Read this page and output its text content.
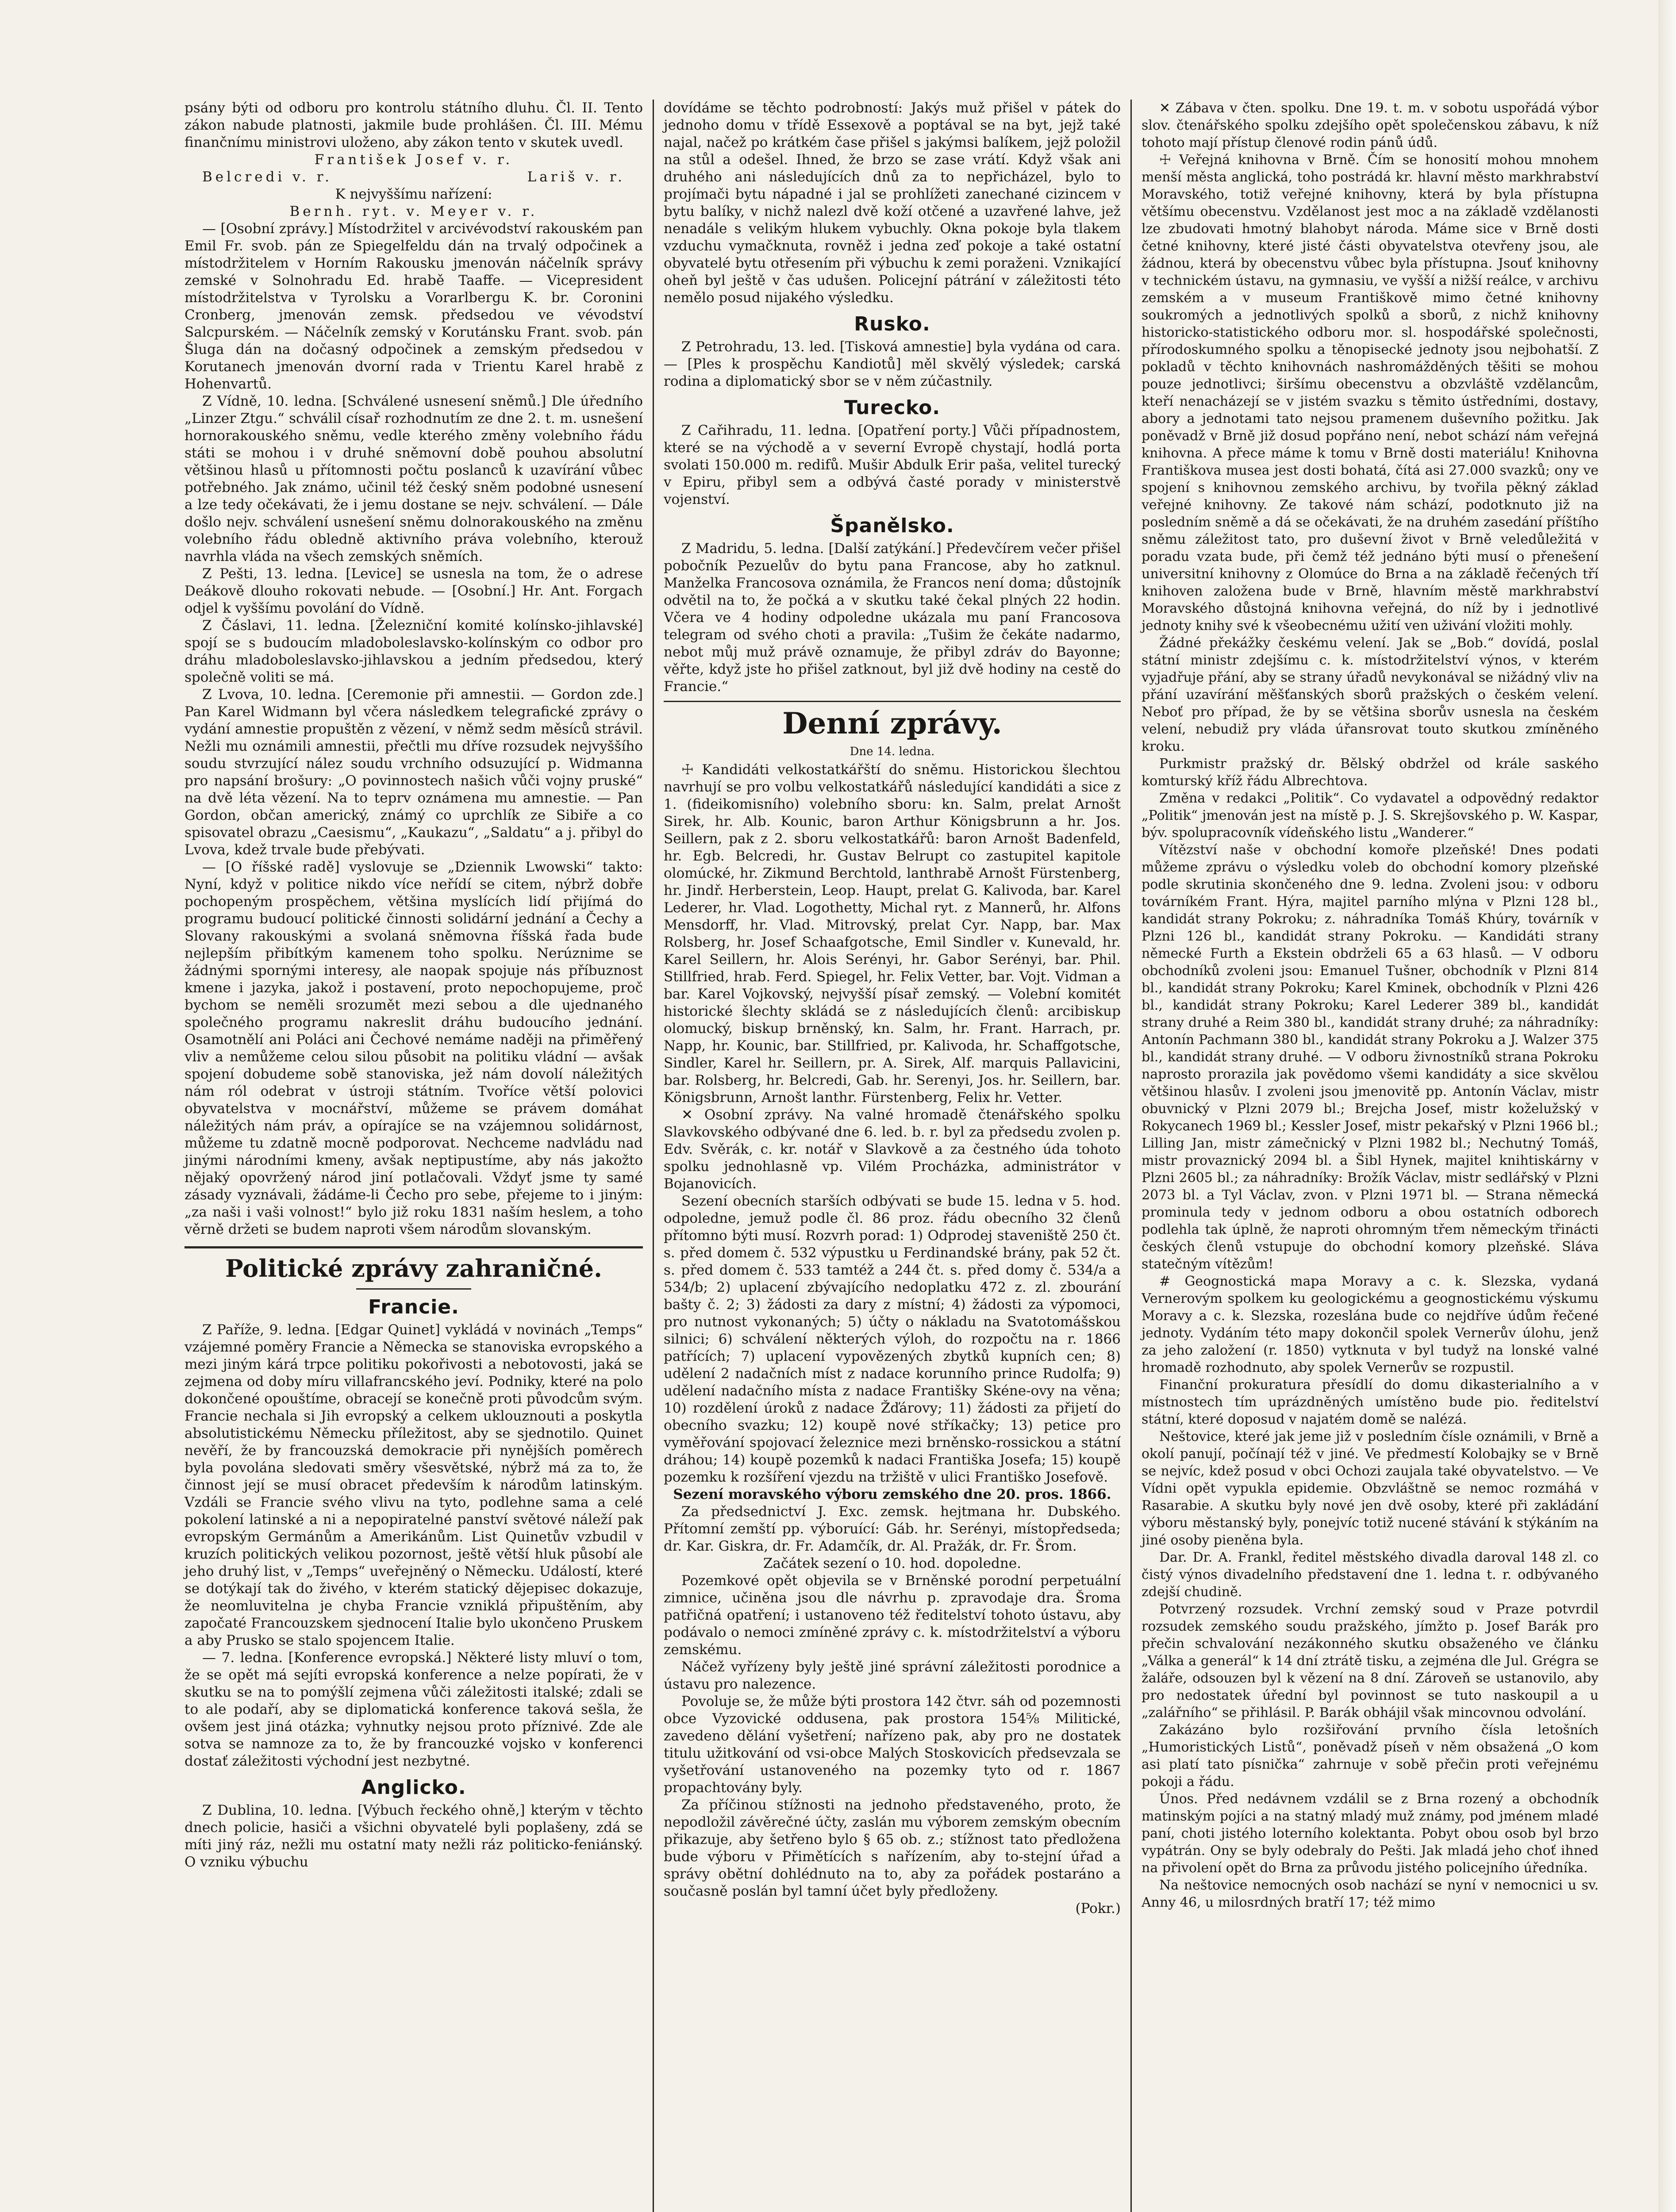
psány býti od odboru pro kontrolu státního dluhu. Čl. II. Tento zákon nabude platnosti, jakmile bude prohlášen. Čl. III. Mému finančnímu ministrovi uloženo, aby zákon tento v skutek uvedl.

František Josef v. r.

Belcredi v. r.	Lariš v. r.

K nejvyššímu nařízení:

Bernh. ryt. v. Meyer v. r.

— [Osobní zprávy.] Místodržitel v arcivévodství rakouském pan Emil Fr. svob. pán ze Spiegelfeldu dán na trvalý odpočinek a místodržitelem v Horním Rakousku jmenován náčelník správy zemské v Solnohradu Ed. hrabě Taaffe. — Vicepresident místodržitelstva v Tyrolsku a Vorarlbergu K. br. Coronini Cronberg, jmenován zemsk. předsedou ve vévodství Salcpurském. — Náčelník zemský v Korutánsku Frant. svob. pán Šluga dán na dočasný odpočinek a zemským předsedou v Korutanech jmenován dvorní rada v Trientu Karel hrabě z Hohenvartů.

Z Vídně, 10. ledna. [Schválené usnesení sněmů.] Dle úředního „Linzer Ztgu.“ schválil císař rozhodnutím ze dne 2. t. m. usnešení hornorakouského sněmu, vedle kterého změny volebního řádu státi se mohou i v druhé sněmovní době pouhou absolutní většinou hlasů u přítomnosti počtu poslanců k uzavírání vůbec potřebného. Jak známo, učinil též český sněm podobné usnesení a lze tedy očekávati, že i jemu dostane se nejv. schválení. — Dále došlo nejv. schválení usnešení sněmu dolnorakouského na změnu volebního řádu obledně aktivního práva volebního, kterouž navrhla vláda na všech zemských sněmích.

Z Pešti, 13. ledna. [Levice] se usnesla na tom, že o adrese Deákově dlouho rokovati nebude. — [Osobní.] Hr. Ant. Forgach odjel k vyššímu povolání do Vídně.

Z Čáslavi, 11. ledna. [Železniční komité kolínsko-jihlavské] spojí se s budoucím mladoboleslavsko-kolínským co odbor pro dráhu mladoboleslavsko-jihlavskou a jedním předsedou, který společně voliti se má.

Z Lvova, 10. ledna. [Ceremonie při amnestii. — Gordon zde.] Pan Karel Widmann byl včera následkem telegrafické zprávy o vydání amnestie propuštěn z vězení, v němž sedm měsíců strávil. Nežli mu oznámili amnestii, přečtli mu dříve rozsudek nejvyššího soudu stvrzující nález soudu vrchního odsuzující p. Widmanna pro napsání brošury: „O povinnostech našich vůči vojny pruské“ na dvě léta vězení. Na to teprv oznámena mu amnestie. — Pan Gordon, občan americký, známý co uprchlík ze Sibiře a co spisovatel obrazu „Caesismu“, „Kaukazu“, „Saldatu“ a j. přibyl do Lvova, kdež trvale bude přebývati.

— [O říšské radě] vyslovuje se „Dziennik Lwowski“ takto: Nyní, když v politice nikdo více neřídí se citem, nýbrž dobře pochopeným prospěchem, většina myslících lidí přijímá do programu budoucí politické činnosti solidární jednání a Čechy a Slovany rakouskými a svolaná sněmovna říšská řada bude nejlepším přibítkým kamenem toho spolku. Nerúznime se žádnými spornými interesy, ale naopak spojuje nás příbuznost kmene i jazyka, jakož i postavení, proto nepochopujeme, proč bychom se neměli srozumět mezi sebou a dle ujednaného společného programu nakreslit dráhu budoucího jednání. Osamotnělí ani Poláci ani Čechové nemáme naději na přiměřený vliv a nemůžeme celou silou působit na politiku vládní — avšak spojení dobudeme sobě stanoviska, jež nám dovolí náležitých nám ról odebrat v ústroji státním. Tvoříce větší polovici obyvatelstva v mocnářství, můžeme se právem domáhat náležitých nám práv, a opírajíce se na vzájemnou solidárnost, můžeme tu zdatně mocně podporovat. Nechceme nadvládu nad jinými národními kmeny, avšak neptipustíme, aby nás jakožto nějaký opovržený národ jiní potlačovali. Vždyť jsme ty samé zásady vyznávali, žádáme-li Čecho pro sebe, přejeme to i jiným: „za naši i vaši volnost!“ bylo již roku 1831 naším heslem, a toho věrně držeti se budem naproti všem národům slovanským.

Politické zprávy zahraničné.
Francie.

Z Paříže, 9. ledna. [Edgar Quinet] vykládá v novinách „Temps“ vzájemné poměry Francie a Německa se stanoviska evropského a mezi jiným kárá trpce politiku pokořivosti a nebotovosti, jaká se zejmena od doby míru villafrancského jeví. Podniky, které na polo dokončené opouštíme, obracejí se konečně proti původcům svým. Francie nechala si Jih evropský a celkem uklouznouti a poskytla absolutistickému Německu příležitost, aby se sjednotilo. Quinet nevěří, že by francouzská demokracie při nynějších poměrech byla povolána sledovati směry všesvětské, nýbrž má za to, že činnost její se musí obracet především k národům latinským. Vzdáli se Francie svého vlivu na tyto, podlehne sama a celé pokolení latinské a ni a nepopiratelné panství světové náleží pak evropským Germánům a Amerikánům. List Quinetův vzbudil v kruzích politických velikou pozornost, ještě větší hluk působí ale jeho druhý list, v „Temps“ uveřejněný o Německu. Událostí, které se dotýkají tak do živého, v kterém statický dějepisec dokazuje, že neomluvitelna je chyba Francie vzniklá připuštěním, aby započaté Francouzskem sjednocení Italie bylo ukončeno Pruskem a aby Prusko se stalo spojencem Italie.

— 7. ledna. [Konference evropská.] Některé listy mluví o tom, že se opět má sejíti evropská konference a nelze popírati, že v skutku se na to pomýšlí zejmena vůči záležitosti italské; zdali se to ale podaří, aby se diplomatická konference taková sešla, že ovšem jest jiná otázka; vyhnutky nejsou proto příznivé. Zde ale sotva se namnoze za to, že by francouzké vojsko v konferenci dostať záležitosti východní jest nezbytné.

Anglicko.

Z Dublina, 10. ledna. [Výbuch řeckého ohně,] kterým v těchto dnech policie, hasiči a všichni obyvatelé byli poplašeny, zdá se míti jiný ráz, nežli mu ostatní maty nežli ráz politicko-feniánský. O vzniku výbuchu

dovídáme se těchto podrobností: Jakýs muž přišel v pátek do jednoho domu v třídě Essexově a poptával se na byt, jejž také najal, načež po krátkém čase přišel s jakýmsi balíkem, jejž položil na stůl a odešel. Ihned, že brzo se zase vrátí. Když však ani druhého ani následujících dnů za to nepřicházel, bylo to projímači bytu nápadné i jal se prohlížeti zanechané cizincem v bytu balíky, v nichž nalezl dvě koží otčené a uzavřené lahve, jež nenadále s velikým hlukem vybuchly. Okna pokoje byla tlakem vzduchu vymačknuta, rovněž i jedna zeď pokoje a také ostatní obyvatelé bytu otřesením při výbuchu k zemi poraženi. Vznikající oheň byl ještě v čas udušen. Policejní pátrání v záležitosti této nemělo posud nijakého výsledku.

Rusko.

Z Petrohradu, 13. led. [Tisková amnestie] byla vydána od cara. — [Ples k prospěchu Kandiotů] měl skvělý výsledek; carská rodina a diplomatický sbor se v něm zúčastnily.

Turecko.

Z Cařihradu, 11. ledna. [Opatření porty.] Vůči případnostem, které se na východě a v severní Evropě chystají, hodlá porta svolati 150.000 m. redifů. Mušir Abdulk Erir paša, velitel turecký v Epiru, přibyl sem a odbývá časté porady v ministerstvě vojenství.

Španělsko.

Z Madridu, 5. ledna. [Další zatýkání.] Předevčírem večer přišel pobočník Pezuelův do bytu pana Francose, aby ho zatknul. Manželka Francosova oznámila, že Francos není doma; důstojník odvětil na to, že počká a v skutku také čekal plných 22 hodin. Včera ve 4 hodiny odpoledne ukázala mu paní Francosova telegram od svého choti a pravila: „Tušim že čekáte nadarmo, nebot můj muž právě oznamuje, že přibyl zdráv do Bayonne; věřte, když jste ho přišel zatknout, byl již dvě hodiny na cestě do Francie.“

Denní zprávy.
Dne 14. ledna.

☩ Kandidáti velkostatkářští do sněmu. Historickou šlechtou navrhují se pro volbu velkostatkářů následující kandidáti a sice z 1. (fideikomisního) volebního sboru: kn. Salm, prelat Arnošt Sirek, hr. Alb. Kounic, baron Arthur Königsbrunn a hr. Jos. Seillern, pak z 2. sboru velkostatkářů: baron Arnošt Badenfeld, hr. Egb. Belcredi, hr. Gustav Belrupt co zastupitel kapitole olomúcké, hr. Zikmund Berchtold, lanthrabě Arnošt Fürstenberg, hr. Jindř. Herberstein, Leop. Haupt, prelat G. Kalivoda, bar. Karel Lederer, hr. Vlad. Logothetty, Michal ryt. z Mannerů, hr. Alfons Mensdorff, hr. Vlad. Mitrovský, prelat Cyr. Napp, bar. Max Rolsberg, hr. Josef Schaafgotsche, Emil Sindler v. Kunevald, hr. Karel Seillern, hr. Alois Serényi, hr. Gabor Serényi, bar. Phil. Stillfried, hrab. Ferd. Spiegel, hr. Felix Vetter, bar. Vojt. Vidman a bar. Karel Vojkovský, nejvyšší písař zemský. — Volební komitét historické šlechty skládá se z následujících členů: arcibiskup olomucký, biskup brněnský, kn. Salm, hr. Frant. Harrach, pr. Napp, hr. Kounic, bar. Stillfried, pr. Kalivoda, hr. Schaffgotsche, Sindler, Karel hr. Seillern, pr. A. Sirek, Alf. marquis Pallavicini, bar. Rolsberg, hr. Belcredi, Gab. hr. Serenyi, Jos. hr. Seillern, bar. Königsbrunn, Arnošt lanthr. Fürstenberg, Felix hr. Vetter.

✕ Osobní zprávy. Na valné hromadě čtenářského spolku Slavkovského odbývané dne 6. led. b. r. byl za předsedu zvolen p. Edv. Svěrák, c. kr. notář v Slavkově a za čestného úda tohoto spolku jednohlasně vp. Vilém Procházka, administrátor v Bojanovicích.

Sezení obecních starších odbývati se bude 15. ledna v 5. hod. odpoledne, jemuž podle čl. 86 proz. řádu obecního 32 členů přítomno býti musí. Rozvrh porad: 1) Odprodej staveniště 250 čt. s. před domem č. 532 výpustku u Ferdinandské brány, pak 52 čt. s. před domem č. 533 tamtéž a 244 čt. s. před domy č. 534/a a 534/b; 2) uplacení zbývajícího nedoplatku 472 z. zl. zbourání bašty č. 2; 3) žádosti za dary z místní; 4) žádosti za výpomoci, pro nutnost vykonaných; 5) účty o nákladu na Svatotomášskou silnici; 6) schválení některých výloh, do rozpočtu na r. 1866 patřících; 7) uplacení vypovězených zbytků kupních cen; 8) udělení 2 nadačních míst z nadace korunního prince Rudolfa; 9) udělení nadačního místa z nadace Františky Skéne-ovy na věna; 10) rozdělení úroků z nadace Žďárovy; 11) žádosti za přijetí do obecního svazku; 12) koupě nové stříkačky; 13) petice pro vyměřování spojovací železnice mezi brněnsko-rossickou a státní dráhou; 14) koupě pozemků k nadaci Františka Josefa; 15) koupě pozemku k rozšíření vjezdu na tržiště v ulici Františko Josefově.

Sezení moravského výboru zemského dne 20. pros. 1866.

Za předsednictví J. Exc. zemsk. hejtmana hr. Dubského. Přítomní zemští pp. výboruící: Gáb. hr. Serényi, místopředseda; dr. Kar. Giskra, dr. Fr. Adamčík, dr. Al. Pražák, dr. Fr. Šrom.

Začátek sezení o 10. hod. dopoledne.

Pozemkové opět objevila se v Brněnské porodní perpetuální zimnice, učiněna jsou dle návrhu p. zpravodaje dra. Šroma patřičná opatření; i ustanoveno též ředitelství tohoto ústavu, aby podávalo o nemoci zmíněné zprávy c. k. místodržitelství a výboru zemskému.

Náčež vyřízeny byly ještě jiné správní záležitosti porodnice a ústavu pro nalezence.

Povoluje se, že může býti prostora 142 čtvr. sáh od pozemnosti obce Vyzovické oddusena, pak prostora 154⅝ Militické, zavedeno dělání vyšetření; nařízeno pak, aby pro ne dostatek titulu užitkování od vsi-obce Malých Stoskovicích předsevzala se vyšetřování ustanoveného na pozemky tyto od r. 1867 propachtovány byly.

Za příčinou stížnosti na jednoho představeného, proto, že nepodložil závěrečné účty, zaslán mu výborem zemským obecním přikazuje, aby šetřeno bylo § 65 ob. z.; stížnost tato předložena bude výboru v Přimětících s nařízením, aby to-stejní úřad a správy obětní dohlédnuto na to, aby za pořádek postaráno a současně poslán byl tamní účet byly předloženy.

(Pokr.)

✕ Zábava v čten. spolku. Dne 19. t. m. v sobotu uspořádá výbor slov. čtenářského spolku zdejšího opět společenskou zábavu, k níž tohoto mají přístup členové rodin pánů údů.

☩ Veřejná knihovna v Brně. Čím se honosití mohou mnohem menší města anglická, toho postrádá kr. hlavní město markhrabství Moravského, totiž veřejné knihovny, která by byla přístupna většímu obecenstvu. Vzdělanost jest moc a na základě vzdělanosti lze zbudovati hmotný blahobyt národa. Máme sice v Brně dosti četné knihovny, které jisté části obyvatelstva otevřeny jsou, ale žádnou, která by obecenstvu vůbec byla přístupna. Jsouť knihovny v technickém ústavu, na gymnasiu, ve vyšší a nižší reálce, v archivu zemském a v museum Františkově mimo četné knihovny soukromých a jednotlivých spolků a sborů, z nichž knihovny historicko-statistického odboru mor. sl. hospodářské společnosti, přírodoskumného spolku a těnopisecké jednoty jsou nejbohatší. Z pokladů v těchto knihovnách nashromážděných těšiti se mohou pouze jednotlivci; širšímu obecenstvu a obzvláště vzdělancům, kteří nenacházejí se v jistém svazku s těmito ústředními, dostavy, abory a jednotami tato nejsou pramenem duševního požitku. Jak poněvadž v Brně již dosud popřáno není, nebot schází nám veřejná knihovna. A přece máme k tomu v Brně dosti materiálu! Knihovna Františkova musea jest dosti bohatá, čítá asi 27.000 svazků; ony ve spojení s knihovnou zemského archivu, by tvořila pěkný základ veřejné knihovny. Ze takové nám schází, podotknuto již na posledním sněmě a dá se očekávati, že na druhém zasedání příštího sněmu záležitost tato, pro duševní život v Brně veledůležitá v poradu vzata bude, při čemž též jednáno býti musí o přenešení universitní knihovny z Olomúce do Brna a na základě řečených tří knihoven založena bude v Brně, hlavním městě markhrabství Moravského důstojná knihovna veřejná, do níž by i jednotlivé jednoty knihy své k všeobecnému užití ven uživání vložiti mohly.

Žádné překážky českému velení. Jak se „Bob.“ dovídá, poslal státní ministr zdejšímu c. k. místodržitelství výnos, v kterém vyjadřuje přání, aby se strany úřadů nevykonával se nižádný vliv na přání uzavírání měšťanských sborů pražských o českém velení. Neboť pro případ, že by se většina sborův usnesla na českém velení, nebudiž pry vláda úřansrovat touto skutkou zmíněného kroku.

Purkmistr pražský dr. Bělský obdržel od krále saského komturský kříž řádu Albrechtova.

Změna v redakci „Politik“. Co vydavatel a odpovědný redaktor „Politik“ jmenován jest na místě p. J. S. Skrejšovského p. W. Kaspar, býv. spolupracovník vídeňského listu „Wanderer.“

Vítězství naše v obchodní komoře plzeňské! Dnes podati můžeme zprávu o výsledku voleb do obchodní komory plzeňské podle skrutinia skončeného dne 9. ledna. Zvoleni jsou: v odboru továrníkém Frant. Hýra, majitel parního mlýna v Plzni 128 bl., kandidát strany Pokroku; z. náhradníka Tomáš Khúry, továrník v Plzni 126 bl., kandidát strany Pokroku. — Kandidáti strany německé Furth a Ekstein obdrželi 65 a 63 hlasů. — V odboru obchodníků zvoleni jsou: Emanuel Tušner, obchodník v Plzni 814 bl., kandidát strany Pokroku; Karel Kminek, obchodník v Plzni 426 bl., kandidát strany Pokroku; Karel Lederer 389 bl., kandidát strany druhé a Reim 380 bl., kandidát strany druhé; za náhradníky: Antonín Pachmann 380 bl., kandidát strany Pokroku a J. Walzer 375 bl., kandidát strany druhé. — V odboru živnostníků strana Pokroku naprosto prorazila jak povědomo všemi kandidáty a sice skvělou většinou hlasův. I zvoleni jsou jmenovitě pp. Antonín Václav, mistr obuvnický v Plzni 2079 bl.; Brejcha Josef, mistr koželužský v Rokycanech 1969 bl.; Kessler Josef, mistr pekařský v Plzni 1966 bl.; Lilling Jan, mistr zámečnický v Plzni 1982 bl.; Nechutný Tomáš, mistr provaznický 2094 bl. a Šibl Hynek, majitel knihtiskárny v Plzni 2605 bl.; za náhradníky: Brožík Václav, mistr sedlářský v Plzni 2073 bl. a Tyl Václav, zvon. v Plzni 1971 bl. — Strana německá prominula tedy v jednom odboru a obou ostatních odborech podlehla tak úplně, že naproti ohromným třem německým třinácti českých členů vstupuje do obchodní komory plzeňské. Sláva statečným vítězům!

# Geognostická mapa Moravy a c. k. Slezska, vydaná Vernerovým spolkem ku geologickému a geognostickému výskumu Moravy a c. k. Slezska, rozeslána bude co nejdříve údům řečené jednoty. Vydáním této mapy dokončil spolek Vernerův úlohu, jenž za jeho založení (r. 1850) vytknuta v byl tudyž na lonské valné hromadě rozhodnuto, aby spolek Vernerův se rozpustil.

Finanční prokuratura přesídlí do domu dikasterialního a v místnostech tím uprázdněných umístěno bude pio. ředitelství státní, které doposud v najatém domě se nalézá.

Neštovice, které jak jeme již v posledním čísle oznámili, v Brně a okolí panují, počínají též v jiné. Ve předmestí Kolobajky se v Brně se nejvíc, kdež posud v obci Ochozi zaujala také obyvatelstvo. — Ve Vídni opět vypukla epidemie. Obzvláštně se nemoc rozmáhá v Rasarabie. A skutku byly nové jen dvě osoby, které při zakládání výboru městanský byly, ponejvíc totiž nucené stávání k stýkáním na jiné osoby pieněna byla.

Dar. Dr. A. Frankl, ředitel městského divadla daroval 148 zl. co čistý výnos divadelního představení dne 1. ledna t. r. odbývaného zdejší chudině.

Potvrzený rozsudek. Vrchní zemský soud v Praze potvrdil rozsudek zemského soudu pražského, jímžto p. Josef Barák pro přečin schvalování nezákonného skutku obsaženého ve článku „Válka a generál“ k 14 dní ztrátě tisku, a zejména dle Jul. Grégra se žaláře, odsouzen byl k vězení na 8 dní. Zároveň se ustanovilo, aby pro nedostatek úřední byl povinnost se tuto naskoupil a u „zalářního“ se přihlásil. P. Barák obhájil však mincovnou odvolání.

Zakázáno bylo rozšiřování prvního čísla letošních „Humoristických Listů“, poněvadž píseň v něm obsažená „O kom asi platí tato písnička“ zahrnuje v sobě přečin proti veřejnému pokoji a řádu.

Únos. Před nedávnem vzdálil se z Brna rozený a obchodník matinským pojíci a na statný mladý muž známy, pod jménem mladé paní, choti jistého loterního kolektanta. Pobyt obou osob byl brzo vypátrán. Ony se byly odebraly do Pešti. Jak mladá jeho choť ihned na přivolení opět do Brna za průvodu jistého policejního úředníka.

Na neštovice nemocných osob nachází se nyní v nemocnici u sv. Anny 46, u milosrdných bratří 17; též mimo
